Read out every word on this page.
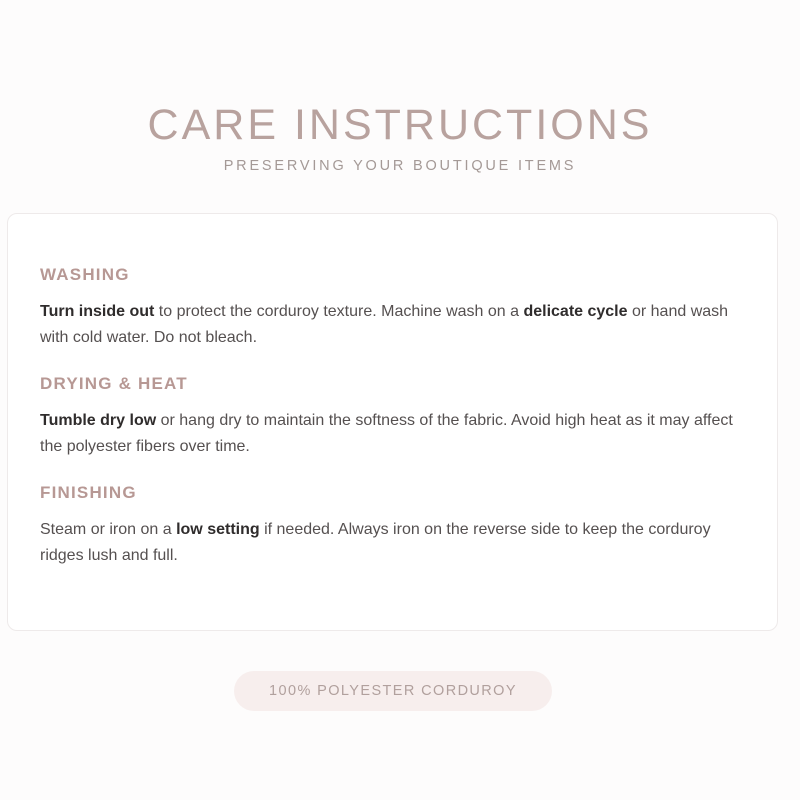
CARE INSTRUCTIONS
PRESERVING YOUR BOUTIQUE ITEMS
WASHING

Turn inside out to protect the corduroy texture. Machine wash on a delicate cycle or hand wash with cold water. Do not bleach.

DRYING & HEAT

Tumble dry low or hang dry to maintain the softness of the fabric. Avoid high heat as it may affect the polyester fibers over time.

FINISHING

Steam or iron on a low setting if needed. Always iron on the reverse side to keep the corduroy ridges lush and full.

100% POLYESTER CORDUROY
